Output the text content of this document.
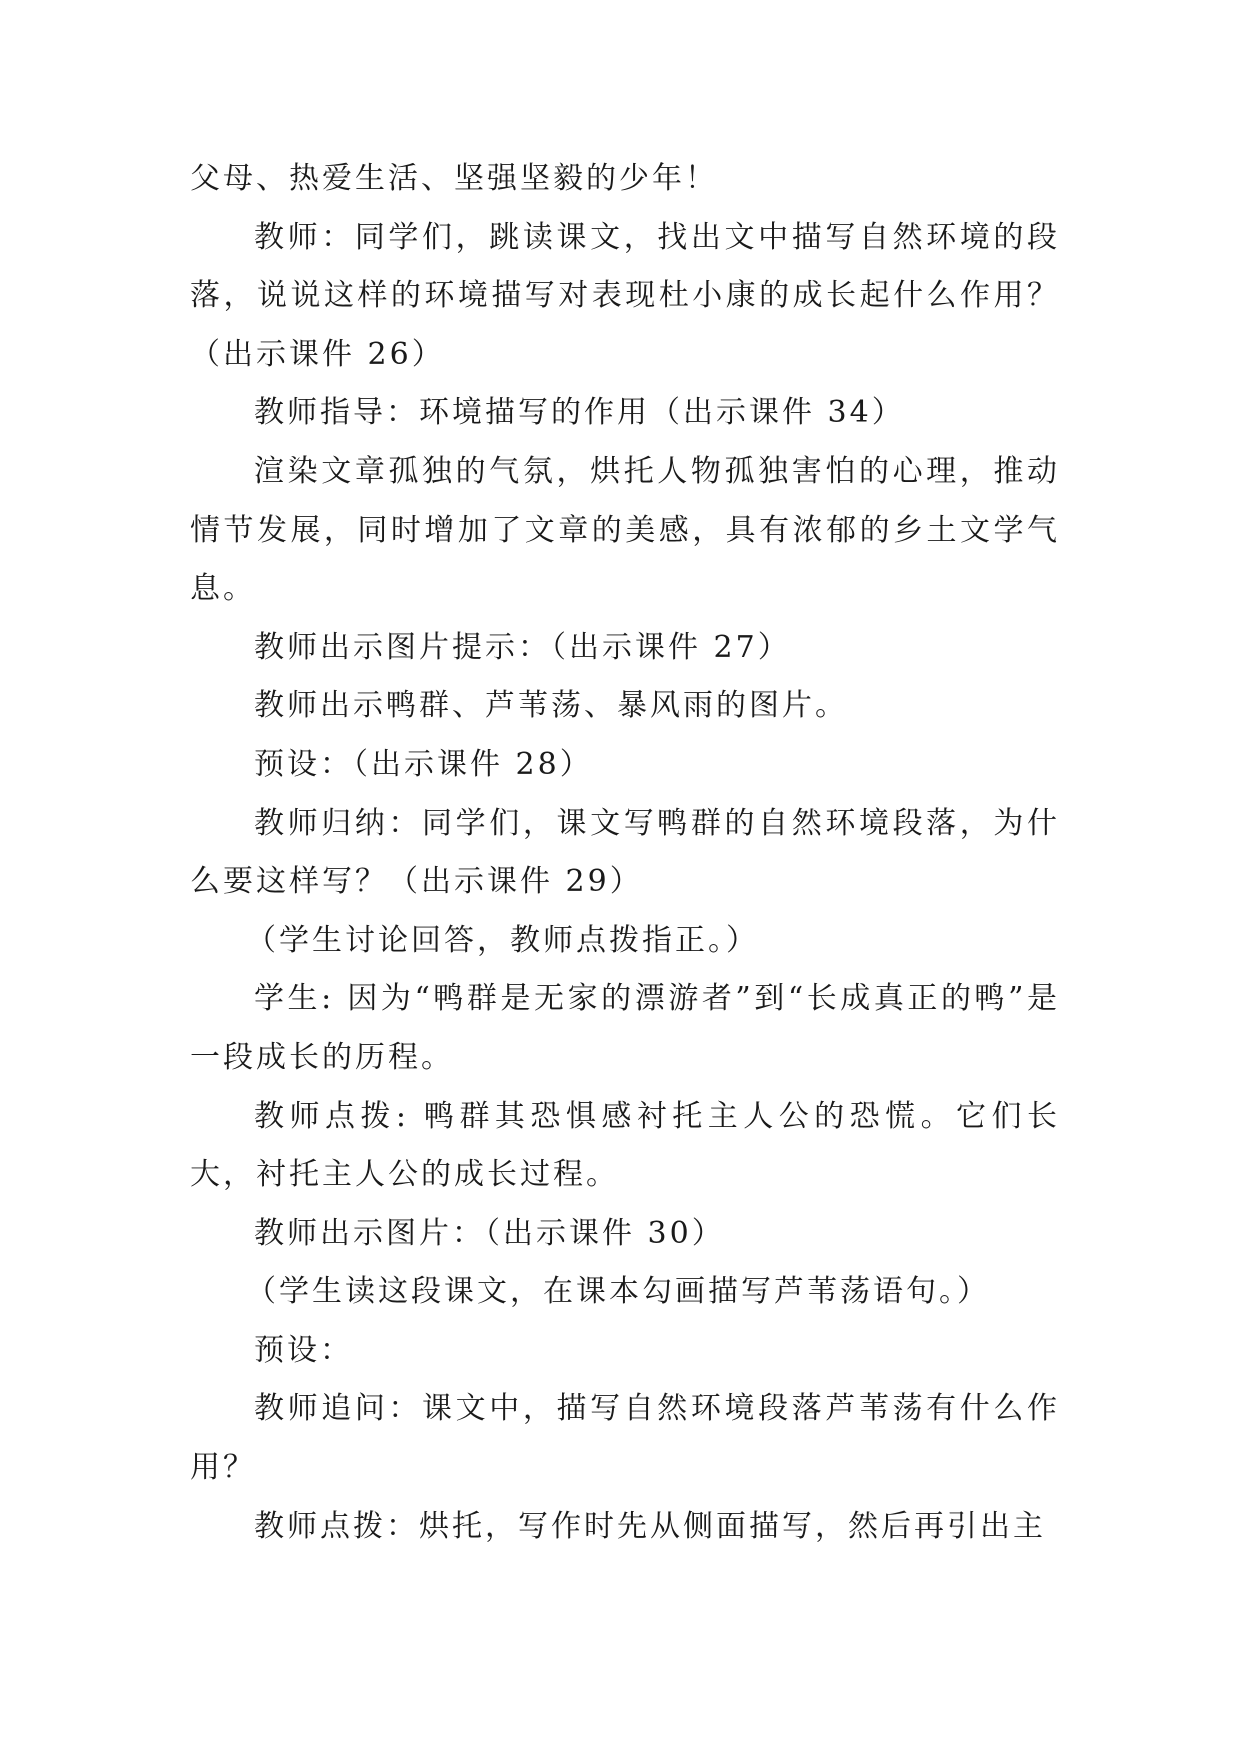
父母、热爱生活、坚强坚毅的少年！

教师：同学们，跳读课文，找出文中描写自然环境的段落，说说这样的环境描写对表现杜小康的成长起什么作用？（出示课件 26）

教师指导：环境描写的作用（出示课件 34）

渲染文章孤独的气氛，烘托人物孤独害怕的心理，推动情节发展，同时增加了文章的美感，具有浓郁的乡土文学气息。

教师出示图片提示：（出示课件 27）

教师出示鸭群、芦苇荡、暴风雨的图片。

预设：（出示课件 28）

教师归纳：同学们，课文写鸭群的自然环境段落，为什么要这样写？（出示课件 29）

（学生讨论回答，教师点拨指正。）

学生: 因为“鸭群是无家的漂游者”到“长成真正的鸭”是一段成长的历程。

教师点拨: 鸭群其恐惧感衬托主人公的恐慌。它们长大，衬托主人公的成长过程。

教师出示图片：（出示课件 30）

（学生读这段课文，在课本勾画描写芦苇荡语句。）

预设：

教师追问：课文中，描写自然环境段落芦苇荡有什么作用？

教师点拨：烘托，写作时先从侧面描写，然后再引出主
